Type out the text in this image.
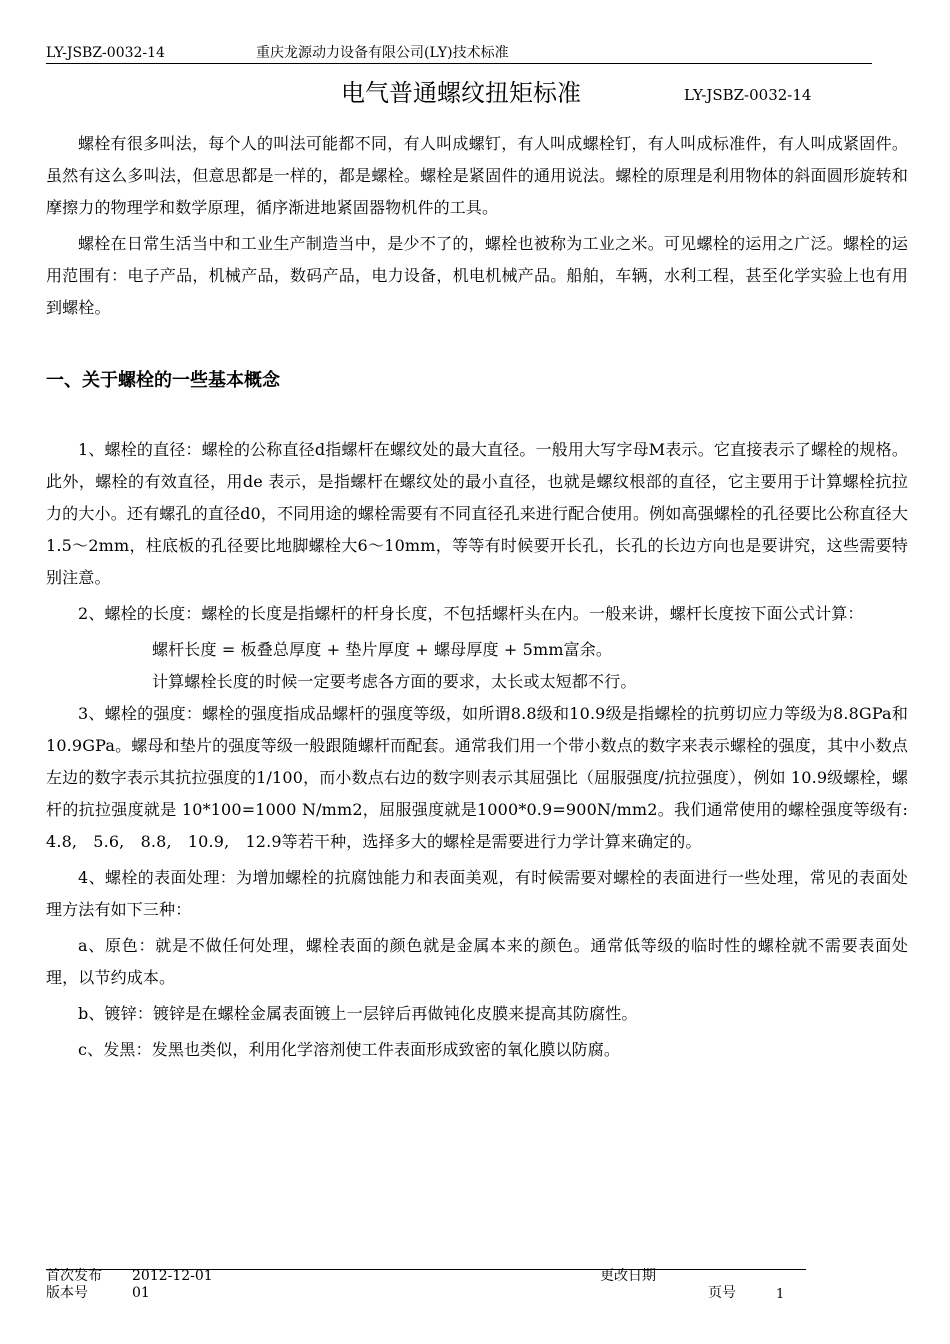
LY-JSBZ-0032-14	重庆龙源动力设备有限公司(LY)技术标准
电气普通螺纹扭矩标准	LY-JSBZ-0032-14

螺栓有很多叫法，每个人的叫法可能都不同，有人叫成螺钉，有人叫成螺栓钉，有人叫成标准件，有人叫成紧固件。虽然有这么多叫法，但意思都是一样的，都是螺栓。螺栓是紧固件的通用说法。螺栓的原理是利用物体的斜面圆形旋转和摩擦力的物理学和数学原理，循序渐进地紧固器物机件的工具。

螺栓在日常生活当中和工业生产制造当中，是少不了的，螺栓也被称为工业之米。可见螺栓的运用之广泛。螺栓的运用范围有：电子产品，机械产品，数码产品，电力设备，机电机械产品。船舶，车辆，水利工程，甚至化学实验上也有用到螺栓。

一、关于螺栓的一些基本概念

1、螺栓的直径：螺栓的公称直径d指螺杆在螺纹处的最大直径。一般用大写字母M表示。它直接表示了螺栓的规格。此外，螺栓的有效直径，用de 表示，是指螺杆在螺纹处的最小直径，也就是螺纹根部的直径，它主要用于计算螺栓抗拉力的大小。还有螺孔的直径d0，不同用途的螺栓需要有不同直径孔来进行配合使用。例如高强螺栓的孔径要比公称直径大1.5～2mm，柱底板的孔径要比地脚螺栓大6～10mm，等等有时候要开长孔，长孔的长边方向也是要讲究，这些需要特别注意。

2、螺栓的长度：螺栓的长度是指螺杆的杆身长度，不包括螺杆头在内。一般来讲，螺杆长度按下面公式计算：

螺杆长度 = 板叠总厚度 + 垫片厚度 + 螺母厚度 + 5mm富余。

计算螺栓长度的时候一定要考虑各方面的要求，太长或太短都不行。

3、螺栓的强度：螺栓的强度指成品螺杆的强度等级，如所谓8.8级和10.9级是指螺栓的抗剪切应力等级为8.8GPa和10.9GPa。螺母和垫片的强度等级一般跟随螺杆而配套。通常我们用一个带小数点的数字来表示螺栓的强度，其中小数点左边的数字表示其抗拉强度的1/100，而小数点右边的数字则表示其屈强比（屈服强度/抗拉强度），例如 10.9级螺栓，螺杆的抗拉强度就是 10*100=1000 N/mm2，屈服强度就是1000*0.9=900N/mm2。我们通常使用的螺栓强度等级有: 4.8,　5.6,　8.8,　10.9,　12.9等若干种，选择多大的螺栓是需要进行力学计算来确定的。

4、螺栓的表面处理：为增加螺栓的抗腐蚀能力和表面美观，有时候需要对螺栓的表面进行一些处理，常见的表面处理方法有如下三种：

a、原色：就是不做任何处理，螺栓表面的颜色就是金属本来的颜色。通常低等级的临时性的螺栓就不需要表面处理，以节约成本。

b、镀锌：镀锌是在螺栓金属表面镀上一层锌后再做钝化皮膜来提高其防腐性。

c、发黑：发黑也类似，利用化学溶剂使工件表面形成致密的氧化膜以防腐。

首次发布 2012-12-01	更改日期
版本号	01	页号	1
